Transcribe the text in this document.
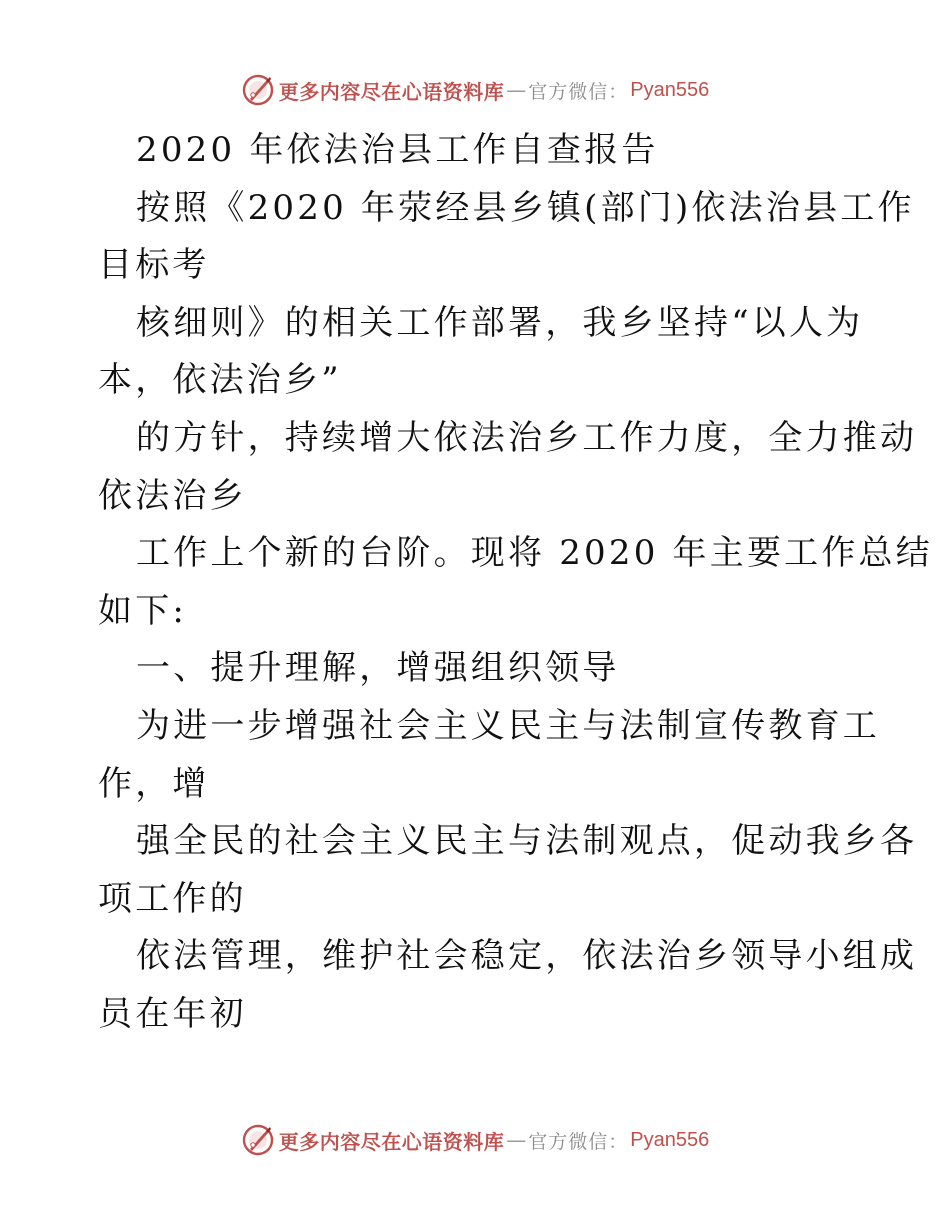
更多内容尽在心语资料库 — 官方微信： Pyan556
2020 年依法治县工作自查报告
按照《2020 年荥经县乡镇(部门)依法治县工作
目标考
核细则》的相关工作部署，我乡坚持“以人为
本，依法治乡”
的方针，持续增大依法治乡工作力度，全力推动
依法治乡
工作上个新的台阶。现将 2020 年主要工作总结
如下:
一、提升理解，增强组织领导
为进一步增强社会主义民主与法制宣传教育工
作，增
强全民的社会主义民主与法制观点，促动我乡各
项工作的
依法管理，维护社会稳定，依法治乡领导小组成
员在年初
更多内容尽在心语资料库 — 官方微信： Pyan556
